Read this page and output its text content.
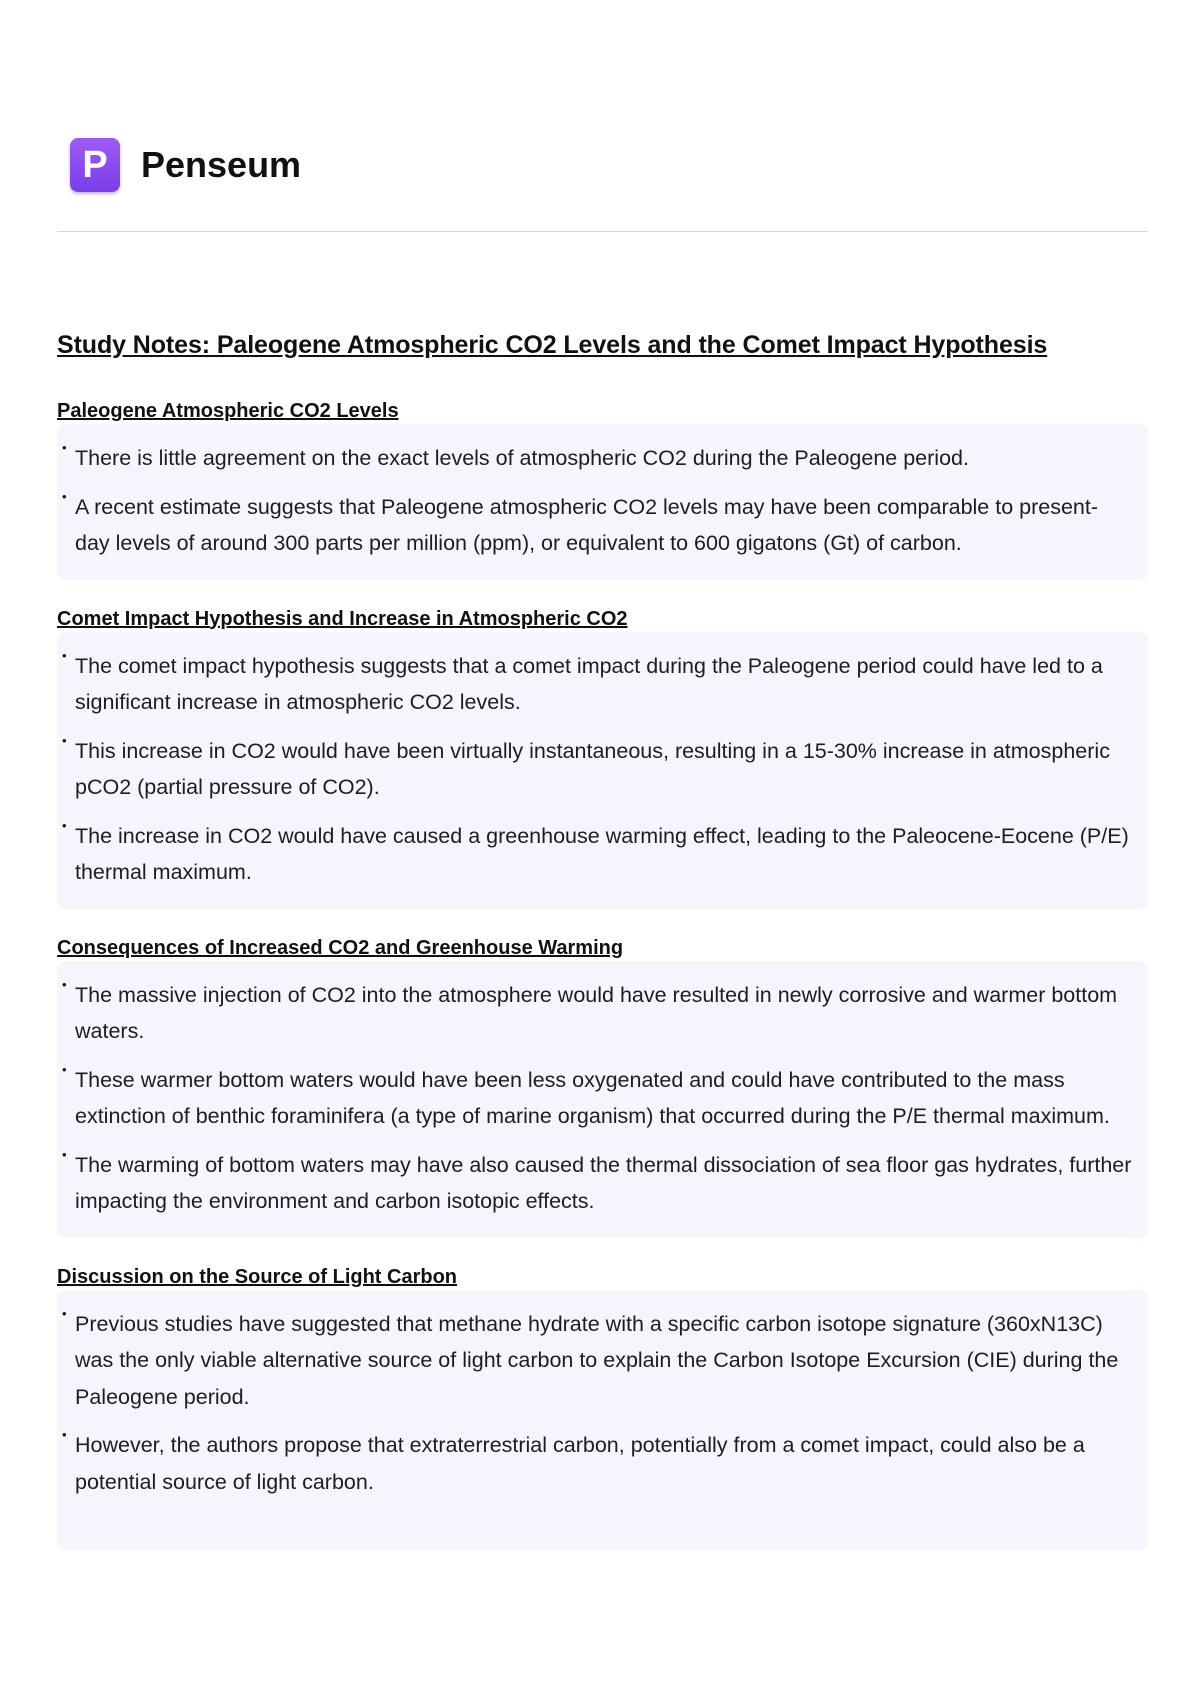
P Penseum
Study Notes: Paleogene Atmospheric CO2 Levels and the Comet Impact Hypothesis
Paleogene Atmospheric CO2 Levels
• There is little agreement on the exact levels of atmospheric CO2 during the Paleogene period.
• A recent estimate suggests that Paleogene atmospheric CO2 levels may have been comparable to present-day levels of around 300 parts per million (ppm), or equivalent to 600 gigatons (Gt) of carbon.
Comet Impact Hypothesis and Increase in Atmospheric CO2
• The comet impact hypothesis suggests that a comet impact during the Paleogene period could have led to a significant increase in atmospheric CO2 levels.
• This increase in CO2 would have been virtually instantaneous, resulting in a 15-30% increase in atmospheric pCO2 (partial pressure of CO2).
• The increase in CO2 would have caused a greenhouse warming effect, leading to the Paleocene-Eocene (P/E) thermal maximum.
Consequences of Increased CO2 and Greenhouse Warming
• The massive injection of CO2 into the atmosphere would have resulted in newly corrosive and warmer bottom waters.
• These warmer bottom waters would have been less oxygenated and could have contributed to the mass extinction of benthic foraminifera (a type of marine organism) that occurred during the P/E thermal maximum.
• The warming of bottom waters may have also caused the thermal dissociation of sea floor gas hydrates, further impacting the environment and carbon isotopic effects.
Discussion on the Source of Light Carbon
• Previous studies have suggested that methane hydrate with a specific carbon isotope signature (360xN13C) was the only viable alternative source of light carbon to explain the Carbon Isotope Excursion (CIE) during the Paleogene period.
• However, the authors propose that extraterrestrial carbon, potentially from a comet impact, could also be a potential source of light carbon.
